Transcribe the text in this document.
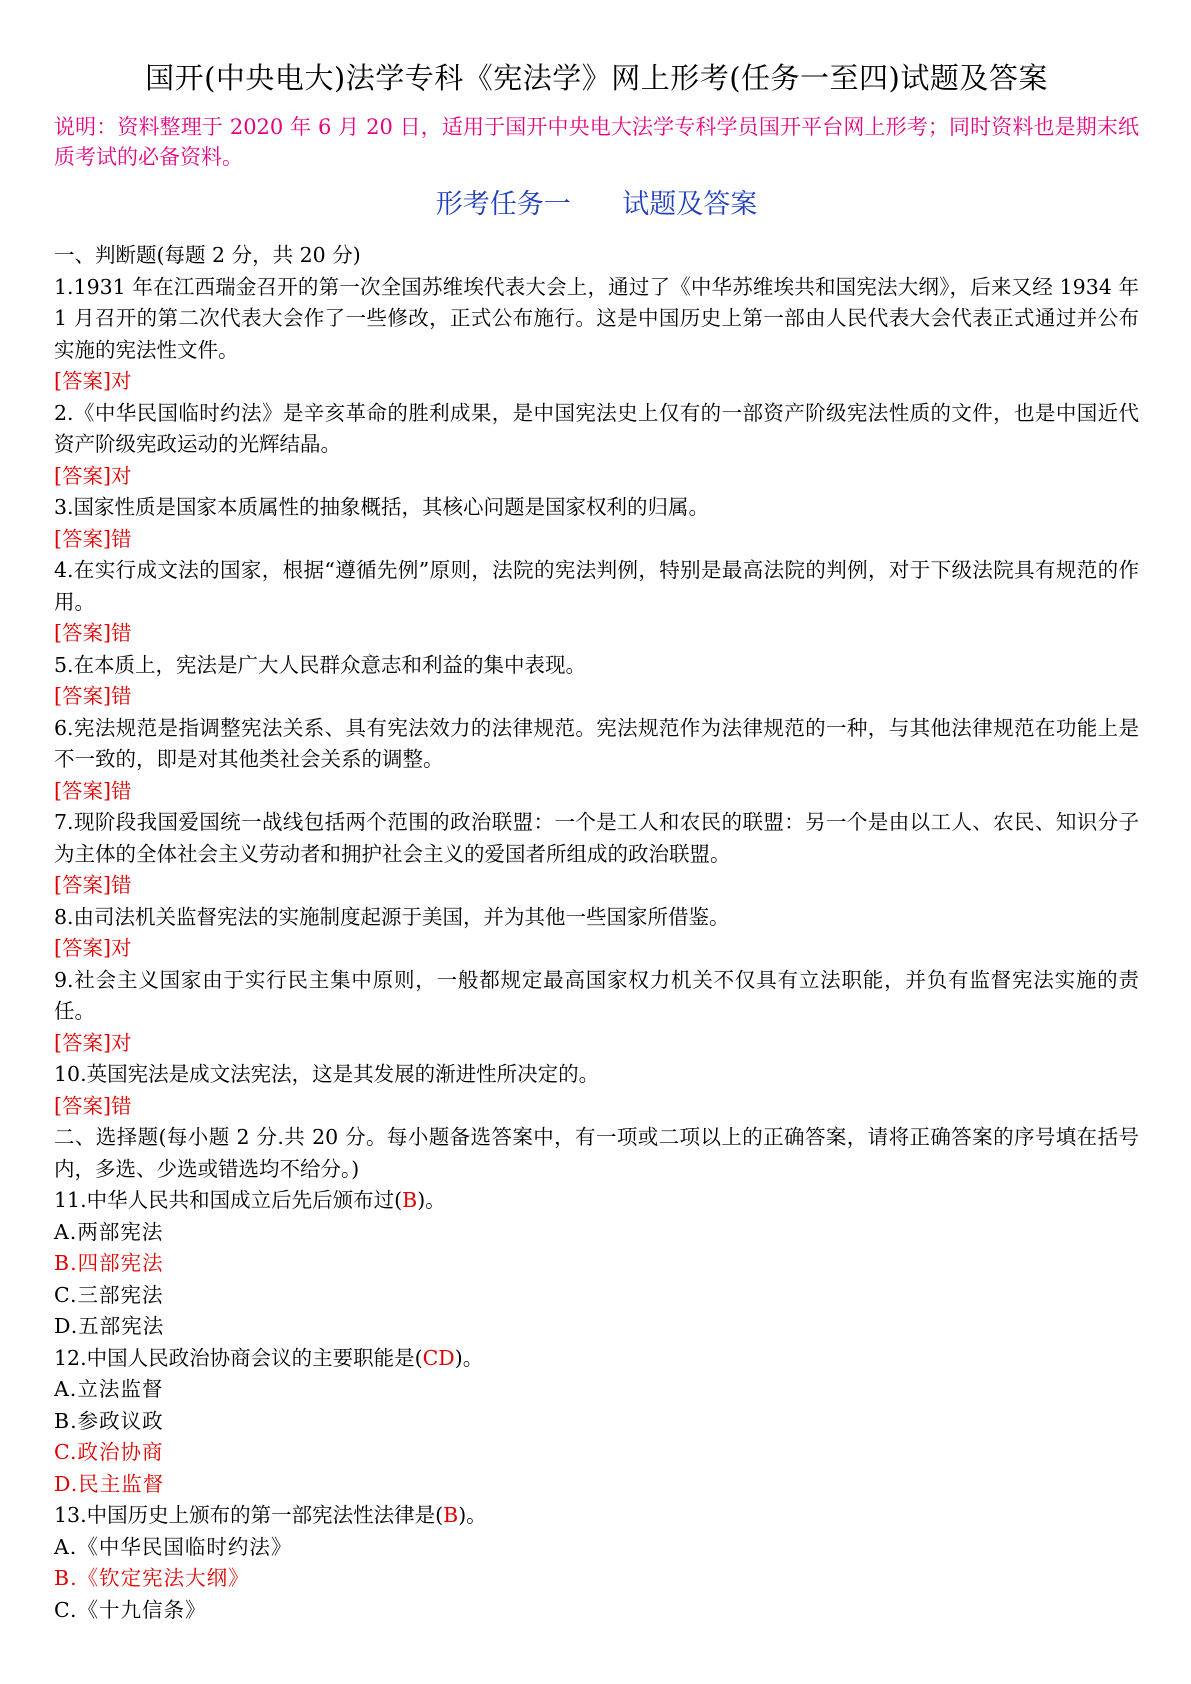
国开(中央电大)法学专科《宪法学》网上形考(任务一至四)试题及答案

说明：资料整理于 2020 年 6 月 20 日，适用于国开中央电大法学专科学员国开平台网上形考；同时资料也是期末纸质考试的必备资料。

形考任务一      试题及答案

一、判断题(每题 2 分，共 20 分)

1.1931 年在江西瑞金召开的第一次全国苏维埃代表大会上，通过了《中华苏维埃共和国宪法大纲》，后来又经 1934 年 1 月召开的第二次代表大会作了一些修改，正式公布施行。这是中国历史上第一部由人民代表大会代表正式通过并公布实施的宪法性文件。

[答案]对

2.《中华民国临时约法》是辛亥革命的胜利成果，是中国宪法史上仅有的一部资产阶级宪法性质的文件，也是中国近代资产阶级宪政运动的光辉结晶。

[答案]对

3.国家性质是国家本质属性的抽象概括，其核心问题是国家权利的归属。

[答案]错

4.在实行成文法的国家，根据“遵循先例”原则，法院的宪法判例，特别是最高法院的判例，对于下级法院具有规范的作用。

[答案]错

5.在本质上，宪法是广大人民群众意志和利益的集中表现。

[答案]错

6.宪法规范是指调整宪法关系、具有宪法效力的法律规范。宪法规范作为法律规范的一种，与其他法律规范在功能上是不一致的，即是对其他类社会关系的调整。

[答案]错

7.现阶段我国爱国统一战线包括两个范围的政治联盟：一个是工人和农民的联盟：另一个是由以工人、农民、知识分子为主体的全体社会主义劳动者和拥护社会主义的爱国者所组成的政治联盟。

[答案]错

8.由司法机关监督宪法的实施制度起源于美国，并为其他一些国家所借鉴。

[答案]对

9.社会主义国家由于实行民主集中原则，一般都规定最高国家权力机关不仅具有立法职能，并负有监督宪法实施的责任。

[答案]对

10.英国宪法是成文法宪法，这是其发展的渐进性所决定的。

[答案]错

二、选择题(每小题 2 分.共 20 分。每小题备选答案中，有一项或二项以上的正确答案，请将正确答案的序号填在括号内，多选、少选或错选均不给分。)

11.中华人民共和国成立后先后颁布过(B)。

A.两部宪法

B.四部宪法

C.三部宪法

D.五部宪法

12.中国人民政治协商会议的主要职能是(CD)。

A.立法监督

B.参政议政

C.政治协商

D.民主监督

13.中国历史上颁布的第一部宪法性法律是(B)。

A.《中华民国临时约法》

B.《钦定宪法大纲》

C.《十九信条》
